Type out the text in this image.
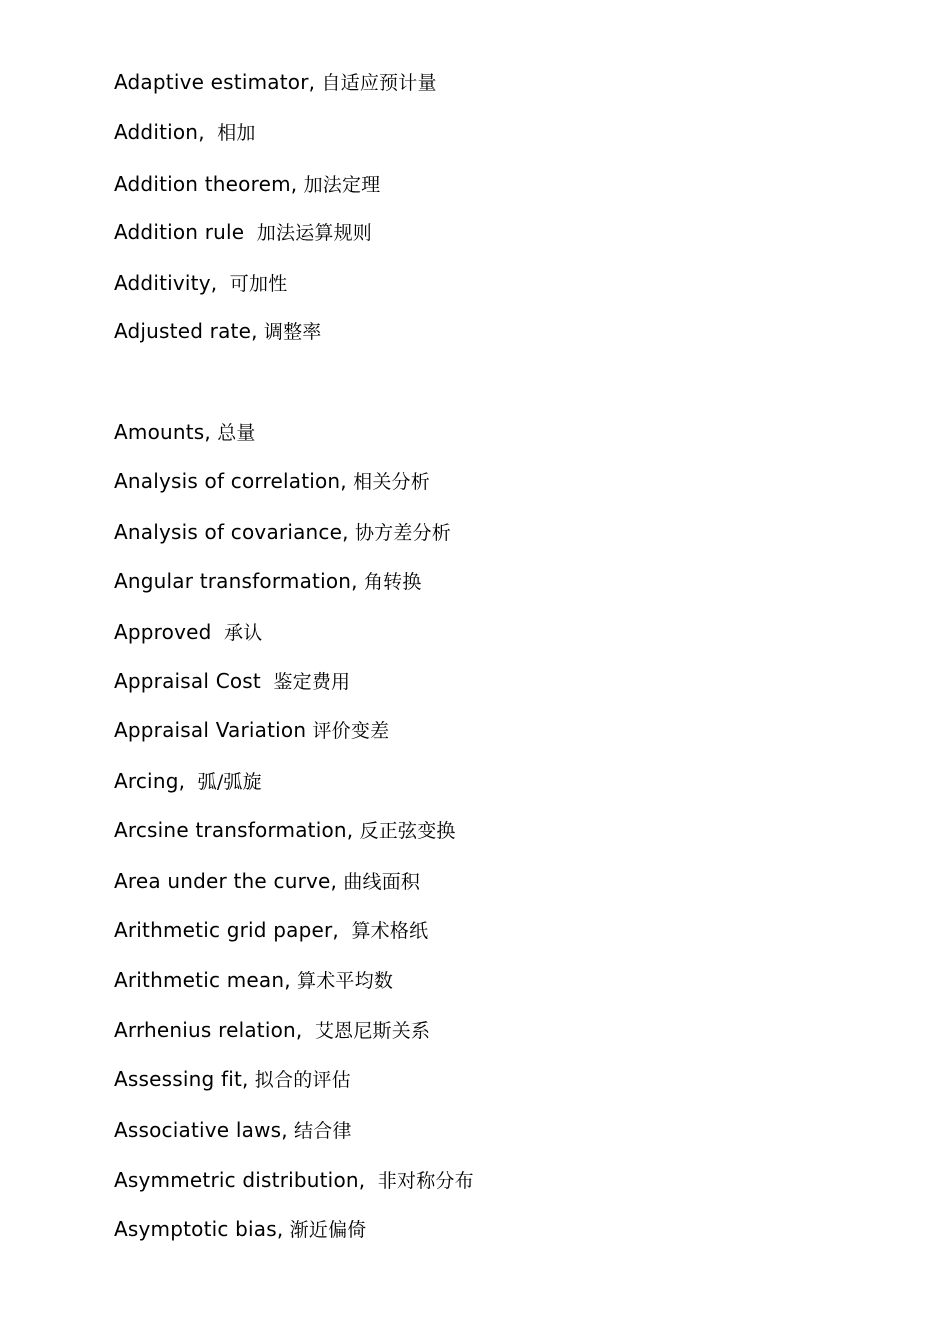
Adaptive estimator, 自适应预计量
Addition,  相加
Addition theorem, 加法定理
Addition rule  加法运算规则
Additivity,  可加性
Adjusted rate, 调整率
Amounts, 总量
Analysis of correlation, 相关分析
Analysis of covariance, 协方差分析
Angular transformation, 角转换
Approved  承认
Appraisal Cost  鉴定费用
Appraisal Variation 评价变差
Arcing,  弧/弧旋
Arcsine transformation, 反正弦变换
Area under the curve, 曲线面积
Arithmetic grid paper,  算术格纸
Arithmetic mean, 算术平均数
Arrhenius relation,  艾恩尼斯关系
Assessing fit, 拟合的评估
Associative laws, 结合律
Asymmetric distribution,  非对称分布
Asymptotic bias, 渐近偏倚
